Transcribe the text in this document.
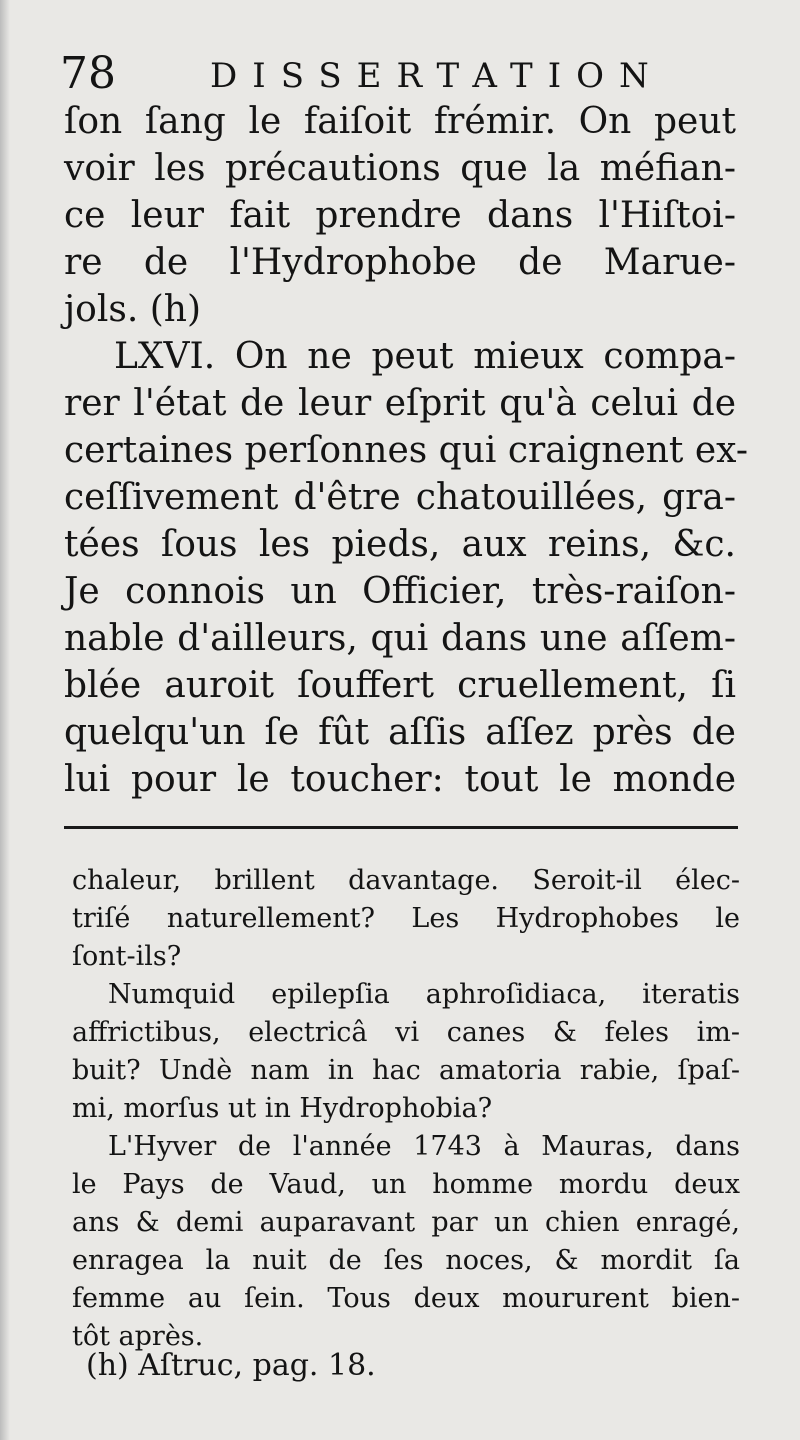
78	DISSERTATION
ſon ſang le faiſoit frémir. On peut
voir les précautions que la méfian-
ce leur fait prendre dans l'Hiſtoi-
re de l'Hydrophobe de Marue-
jols. (h)
LXVI. On ne peut mieux compa-
rer l'état de leur eſprit qu'à celui de
certaines perſonnes qui craignent ex-
ceſſivement d'être chatouillées, gra-
tées ſous les pieds, aux reins, &c.
Je connois un Officier, très-raiſon-
nable d'ailleurs, qui dans une aſſem-
blée auroit ſouffert cruellement, ſi
quelqu'un ſe fût aſſis aſſez près de
lui pour le toucher: tout le monde
chaleur, brillent davantage. Seroit-il élec-
triſé naturellement? Les Hydrophobes le
ſont-ils?
Numquid epilepſia aphroſidiaca, iteratis
affrictibus, electricâ vi canes & feles im-
buit? Undè nam in hac amatoria rabie, ſpaſ-
mi, morſus ut in Hydrophobia?
L'Hyver de l'année 1743 à Mauras, dans
le Pays de Vaud, un homme mordu deux
ans & demi auparavant par un chien enragé,
enragea la nuit de ſes noces, & mordit ſa
femme au ſein. Tous deux moururent bien-
tôt après.
(h) Aſtruc, pag. 18.
